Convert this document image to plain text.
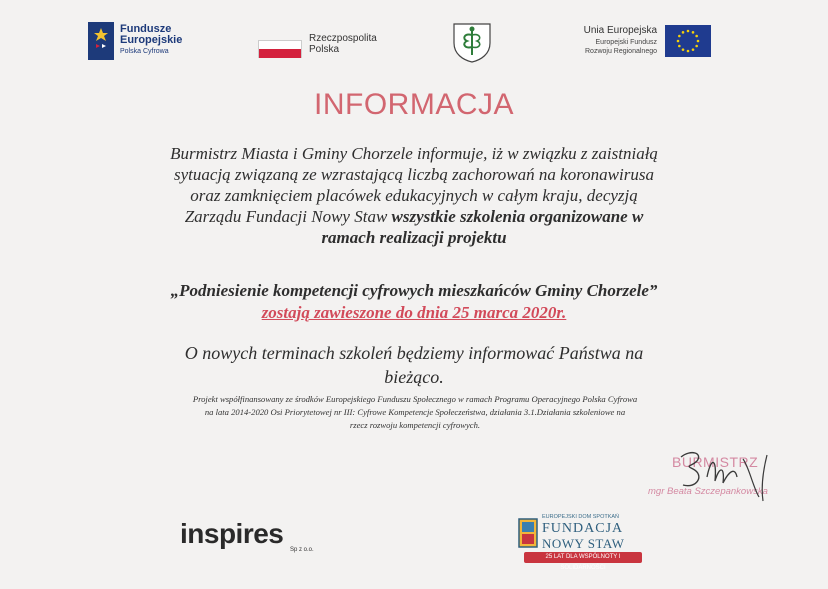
Fundusze
Europejskie
Polska Cyfrowa
Rzeczpospolita
Polska
Unia Europejska
Europejski Fundusz
Rozwoju Regionalnego
INFORMACJA
Burmistrz Miasta i Gminy Chorzele informuje, iż w związku z zaistniałą
sytuacją związaną ze wzrastającą liczbą zachorowań na koronawirusa
oraz zamknięciem placówek edukacyjnych w całym kraju, decyzją
Zarządu Fundacji Nowy Staw wszystkie szkolenia organizowane w
ramach realizacji projektu
„Podniesienie kompetencji cyfrowych mieszkańców Gminy Chorzele”
zostają zawieszone do dnia 25 marca 2020r.
O nowych terminach szkoleń będziemy informować Państwa na
bieżąco.
Projekt współfinansowany ze środków Europejskiego Funduszu Społecznego w ramach Programu Operacyjnego Polska Cyfrowa
na lata 2014-2020 Osi Priorytetowej nr III: Cyfrowe Kompetencje Społeczeństwa, działania 3.1.Działania szkoleniowe na
rzecz rozwoju kompetencji cyfrowych.
BURMISTRZ
mgr Beata Szczepankowska
inspires
Sp z o.o.
EUROPEJSKI DOM SPOTKAŃ
FUNDACJA
NOWY STAW
25 LAT DLA WSPÓLNOTY I SOLIDARNOŚCI
